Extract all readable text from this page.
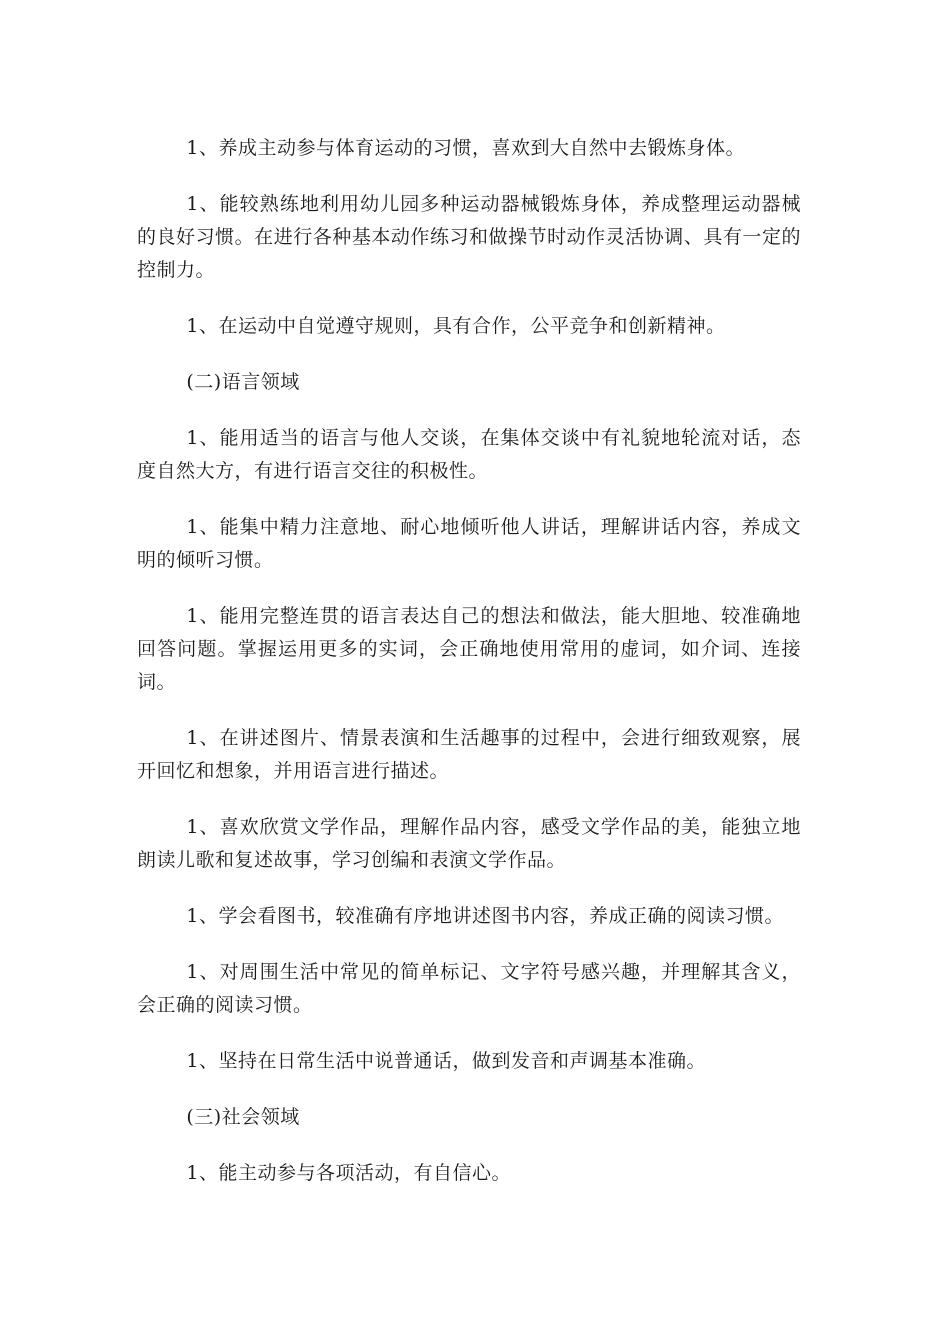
1、养成主动参与体育运动的习惯，喜欢到大自然中去锻炼身体。

1、能较熟练地利用幼儿园多种运动器械锻炼身体，养成整理运动器械的良好习惯。在进行各种基本动作练习和做操节时动作灵活协调、具有一定的控制力。

1、在运动中自觉遵守规则，具有合作，公平竞争和创新精神。

(二)语言领域

1、能用适当的语言与他人交谈，在集体交谈中有礼貌地轮流对话，态度自然大方，有进行语言交往的积极性。

1、能集中精力注意地、耐心地倾听他人讲话，理解讲话内容，养成文明的倾听习惯。

1、能用完整连贯的语言表达自己的想法和做法，能大胆地、较准确地回答问题。掌握运用更多的实词，会正确地使用常用的虚词，如介词、连接词。

1、在讲述图片、情景表演和生活趣事的过程中，会进行细致观察，展开回忆和想象，并用语言进行描述。

1、喜欢欣赏文学作品，理解作品内容，感受文学作品的美，能独立地朗读儿歌和复述故事，学习创编和表演文学作品。

1、学会看图书，较准确有序地讲述图书内容，养成正确的阅读习惯。

1、对周围生活中常见的简单标记、文字符号感兴趣，并理解其含义，会正确的阅读习惯。

1、坚持在日常生活中说普通话，做到发音和声调基本准确。

(三)社会领域

1、能主动参与各项活动，有自信心。
